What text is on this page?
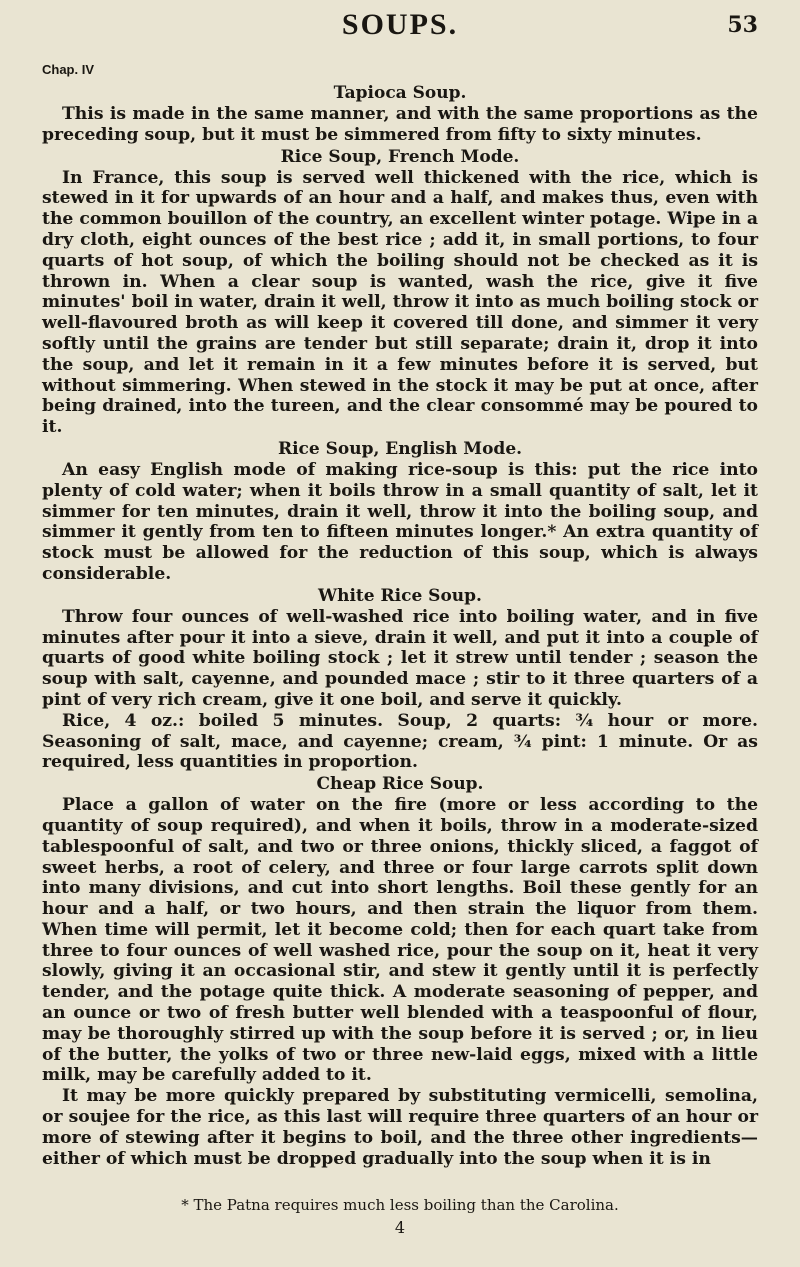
SOUPS.	53
Chap. IV
Tapioca Soup.

This is made in the same manner, and with the same proportions as the preceding soup, but it must be simmered from fifty to sixty minutes.

Rice Soup, French Mode.

In France, this soup is served well thickened with the rice, which is stewed in it for upwards of an hour and a half, and makes thus, even with the common bouillon of the country, an excellent winter potage. Wipe in a dry cloth, eight ounces of the best rice ; add it, in small portions, to four quarts of hot soup, of which the boiling should not be checked as it is thrown in. When a clear soup is wanted, wash the rice, give it five minutes' boil in water, drain it well, throw it into as much boiling stock or well-flavoured broth as will keep it covered till done, and simmer it very softly until the grains are tender but still separate; drain it, drop it into the soup, and let it remain in it a few minutes before it is served, but without simmering. When stewed in the stock it may be put at once, after being drained, into the tureen, and the clear consommé may be poured to it.

Rice Soup, English Mode.

An easy English mode of making rice-soup is this: put the rice into plenty of cold water; when it boils throw in a small quantity of salt, let it simmer for ten minutes, drain it well, throw it into the boiling soup, and simmer it gently from ten to fifteen minutes longer.* An extra quantity of stock must be allowed for the reduction of this soup, which is always considerable.

White Rice Soup.

Throw four ounces of well-washed rice into boiling water, and in five minutes after pour it into a sieve, drain it well, and put it into a couple of quarts of good white boiling stock ; let it strew until tender ; season the soup with salt, cayenne, and pounded mace ; stir to it three quarters of a pint of very rich cream, give it one boil, and serve it quickly.

Rice, 4 oz.: boiled 5 minutes. Soup, 2 quarts: ¾ hour or more. Seasoning of salt, mace, and cayenne; cream, ¾ pint: 1 minute. Or as required, less quantities in proportion.

Cheap Rice Soup.

Place a gallon of water on the fire (more or less according to the quantity of soup required), and when it boils, throw in a moderate-sized tablespoonful of salt, and two or three onions, thickly sliced, a faggot of sweet herbs, a root of celery, and three or four large carrots split down into many divisions, and cut into short lengths. Boil these gently for an hour and a half, or two hours, and then strain the liquor from them. When time will permit, let it become cold; then for each quart take from three to four ounces of well washed rice, pour the soup on it, heat it very slowly, giving it an occasional stir, and stew it gently until it is perfectly tender, and the potage quite thick. A moderate seasoning of pepper, and an ounce or two of fresh butter well blended with a teaspoonful of flour, may be thoroughly stirred up with the soup before it is served ; or, in lieu of the butter, the yolks of two or three new-laid eggs, mixed with a little milk, may be carefully added to it.

It may be more quickly prepared by substituting vermicelli, semolina, or soujee for the rice, as this last will require three quarters of an hour or more of stewing after it begins to boil, and the three other ingredients— either of which must be dropped gradually into the soup when it is in

* The Patna requires much less boiling than the Carolina.

4
